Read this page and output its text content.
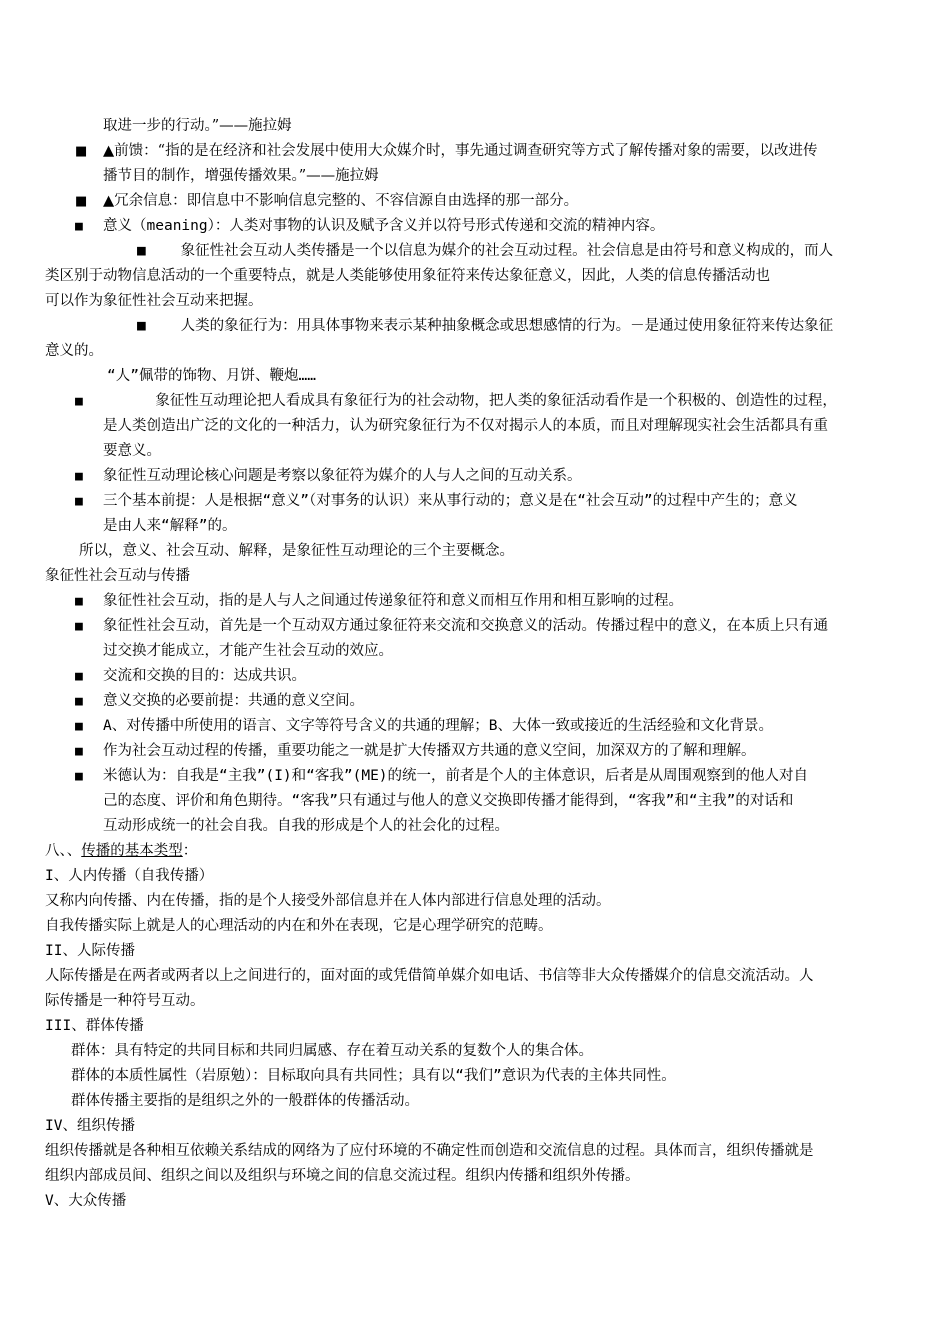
取进一步的行动。”——施拉姆
■ ▲前馈：“指的是在经济和社会发展中使用大众媒介时，事先通过调查研究等方式了解传播对象的需要，以改进传
播节目的制作，增强传播效果。”——施拉姆
■ ▲冗余信息：即信息中不影响信息完整的、不容信源自由选择的那一部分。
■ 意义（meaning）：人类对事物的认识及赋予含义并以符号形式传递和交流的精神内容。
■    象征性社会互动人类传播是一个以信息为媒介的社会互动过程。社会信息是由符号和意义构成的，而人
类区别于动物信息活动的一个重要特点，就是人类能够使用象征符来传达象征意义，因此，人类的信息传播活动也
可以作为象征性社会互动来把握。
■    人类的象征行为：用具体事物来表示某种抽象概念或思想感情的行为。－是通过使用象征符来传达象征
意义的。
“人”佩带的饰物、月饼、鞭炮……
■ 象征性互动理论把人看成具有象征行为的社会动物，把人类的象征活动看作是一个积极的、创造性的过程，
是人类创造出广泛的文化的一种活力，认为研究象征行为不仅对揭示人的本质，而且对理解现实社会生活都具有重
要意义。
■ 象征性互动理论核心问题是考察以象征符为媒介的人与人之间的互动关系。
■ 三个基本前提：人是根据“意义”（对事务的认识）来从事行动的；意义是在“社会互动”的过程中产生的；意义
是由人来“解释”的。
所以，意义、社会互动、解释，是象征性互动理论的三个主要概念。
象征性社会互动与传播
■ 象征性社会互动，指的是人与人之间通过传递象征符和意义而相互作用和相互影响的过程。
■ 象征性社会互动，首先是一个互动双方通过象征符来交流和交换意义的活动。传播过程中的意义，在本质上只有通
过交换才能成立，才能产生社会互动的效应。
■ 交流和交换的目的：达成共识。
■ 意义交换的必要前提：共通的意义空间。
■ A、对传播中所使用的语言、文字等符号含义的共通的理解；B、大体一致或接近的生活经验和文化背景。
■ 作为社会互动过程的传播，重要功能之一就是扩大传播双方共通的意义空间，加深双方的了解和理解。
■ 米德认为：自我是“主我”(I)和“客我”(ME)的统一，前者是个人的主体意识，后者是从周围观察到的他人对自
己的态度、评价和角色期待。“客我”只有通过与他人的意义交换即传播才能得到，“客我”和“主我”的对话和
互动形成统一的社会自我。自我的形成是个人的社会化的过程。
八、、传播的基本类型：
I、人内传播（自我传播）
又称内向传播、内在传播，指的是个人接受外部信息并在人体内部进行信息处理的活动。
自我传播实际上就是人的心理活动的内在和外在表现，它是心理学研究的范畴。
II、人际传播
人际传播是在两者或两者以上之间进行的，面对面的或凭借简单媒介如电话、书信等非大众传播媒介的信息交流活动。人
际传播是一种符号互动。
III、群体传播
群体：具有特定的共同目标和共同归属感、存在着互动关系的复数个人的集合体。
群体的本质性属性（岩原勉）：目标取向具有共同性；具有以“我们”意识为代表的主体共同性。
群体传播主要指的是组织之外的一般群体的传播活动。
IV、组织传播
组织传播就是各种相互依赖关系结成的网络为了应付环境的不确定性而创造和交流信息的过程。具体而言，组织传播就是
组织内部成员间、组织之间以及组织与环境之间的信息交流过程。组织内传播和组织外传播。
V、大众传播
